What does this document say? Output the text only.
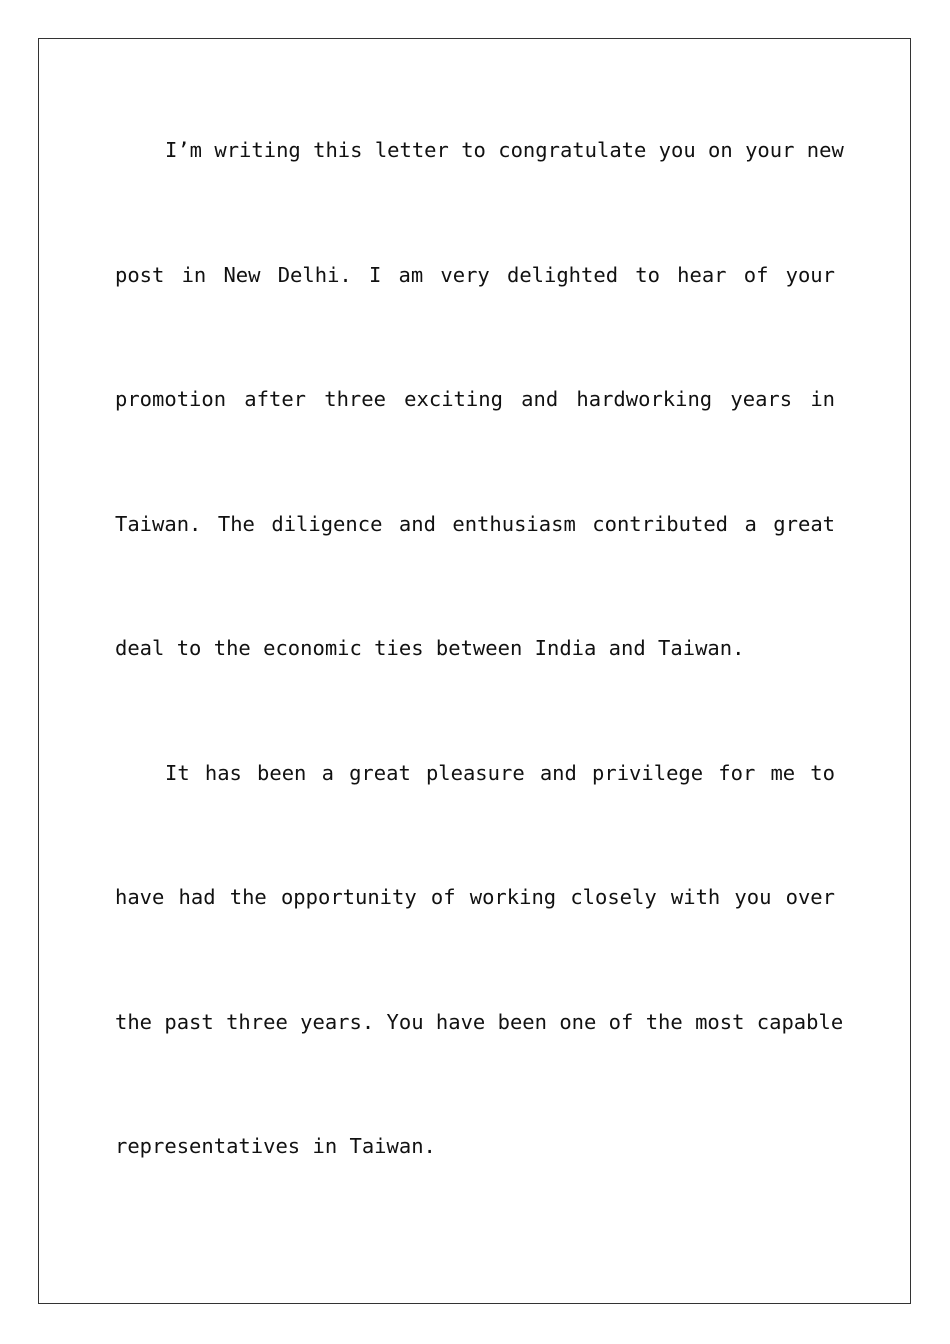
I’m writing this letter to congratulate you on your new
post in New Delhi. I am very delighted to hear of your
promotion after three exciting and hardworking years in
Taiwan. The diligence and enthusiasm contributed a great
deal to the economic ties between India and Taiwan.
It has been a great pleasure and privilege for me to
have had the opportunity of working closely with you over
the past three years. You have been one of the most capable
representatives in Taiwan.
